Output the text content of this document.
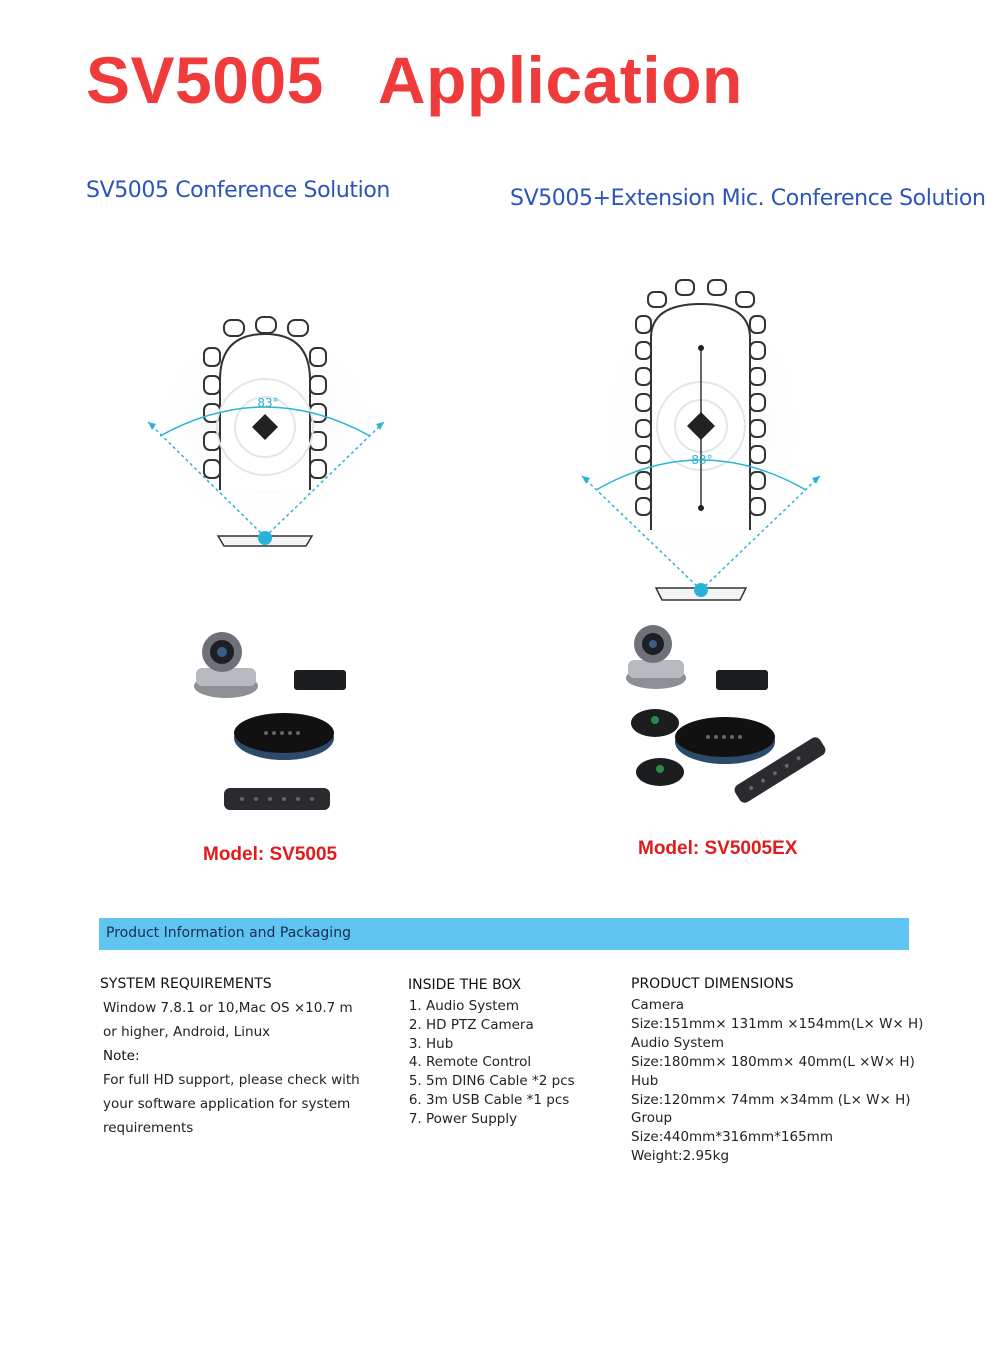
SV5005   Application
SV5005 Conference Solution	SV5005+Extension Mic. Conference Solution
83°
83°
Model: SV5005	Model: SV5005EX
Product Information and Packaging
SYSTEM REQUIREMENTS
Window 7.8.1 or 10,Mac OS ×10.7 m
or higher, Android, Linux
Note:
For full HD support, please check with
your software application for system
requirements
INSIDE THE BOX
1. Audio System
2. HD PTZ Camera
3. Hub
4. Remote Control
5. 5m DIN6 Cable *2 pcs
6. 3m USB Cable *1 pcs
7. Power Supply
PRODUCT DIMENSIONS
Camera
Size:151mm× 131mm ×154mm(L× W× H)
Audio System
Size:180mm× 180mm× 40mm(L ×W× H)
Hub
Size:120mm× 74mm ×34mm (L× W× H)
Group
Size:440mm*316mm*165mm
Weight:2.95kg
